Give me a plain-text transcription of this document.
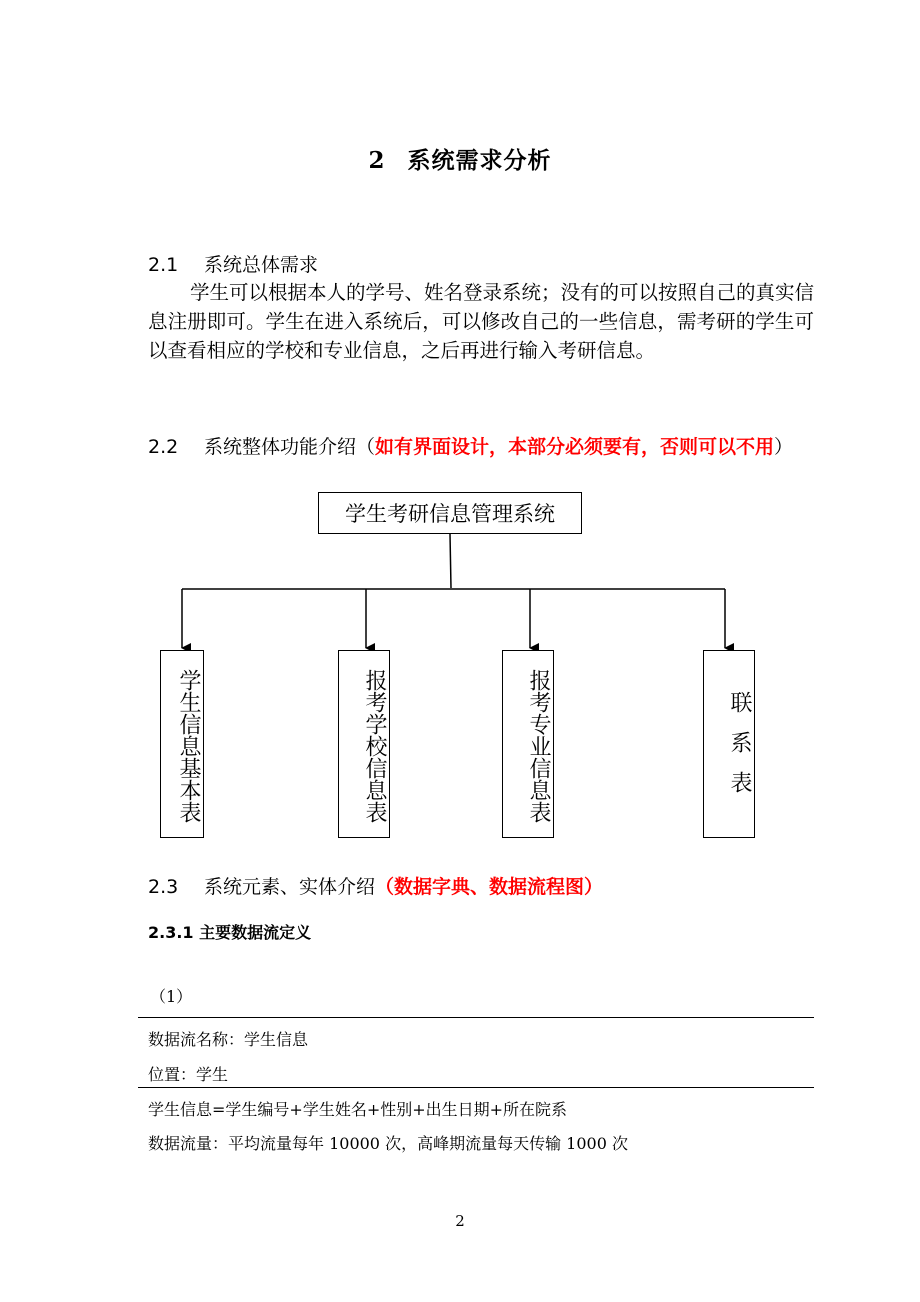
2 系统需求分析
2.1 系统总体需求
学生可以根据本人的学号、姓名登录系统；没有的可以按照自己的真实信息注册即可。学生在进入系统后，可以修改自己的一些信息，需考研的学生可以查看相应的学校和专业信息，之后再进行输入考研信息。
2.2 系统整体功能介绍（如有界面设计，本部分必须要有，否则可以不用）
学生考研信息管理系统
学生信息基本表	报考学校信息表	报考专业信息表	联系表
2.3 系统元素、实体介绍（数据字典、数据流程图）
2.3.1 主要数据流定义
（1）
数据流名称：学生信息
位置：学生
学生信息=学生编号+学生姓名+性别+出生日期+所在院系
数据流量：平均流量每年 10000 次，高峰期流量每天传输 1000 次
2
